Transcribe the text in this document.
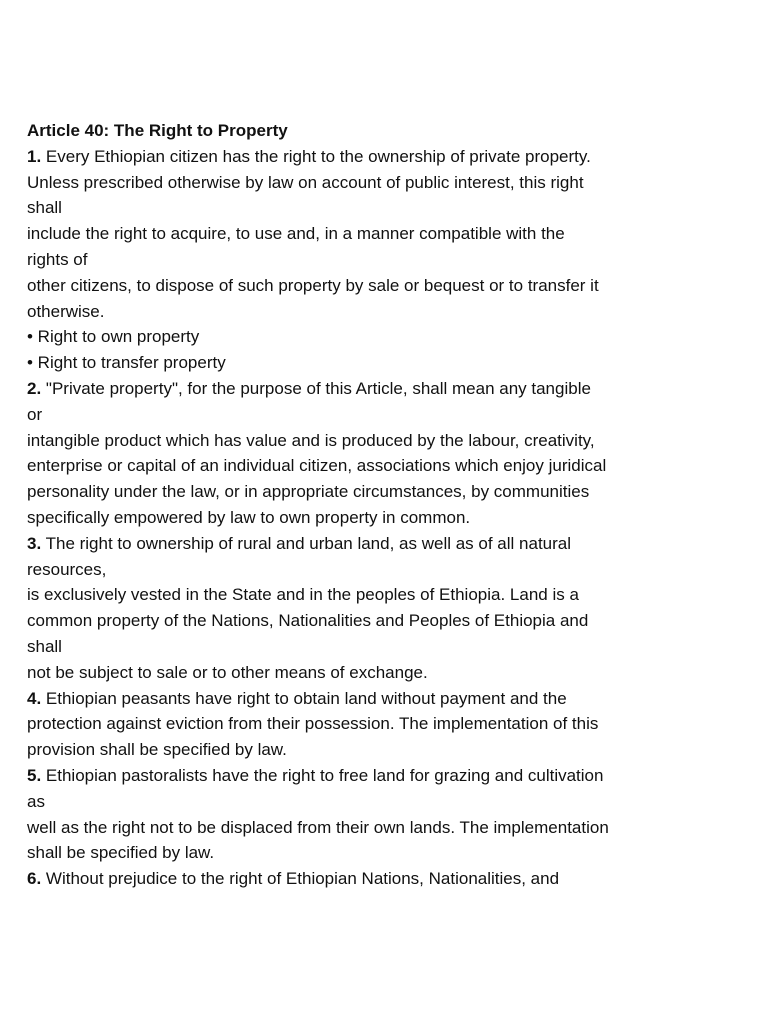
Article 40: The Right to Property
1. Every Ethiopian citizen has the right to the ownership of private property.
Unless prescribed otherwise by law on account of public interest, this right
shall
include the right to acquire, to use and, in a manner compatible with the
rights of
other citizens, to dispose of such property by sale or bequest or to transfer it
otherwise.
• Right to own property
• Right to transfer property
2. "Private property", for the purpose of this Article, shall mean any tangible
or
intangible product which has value and is produced by the labour, creativity,
enterprise or capital of an individual citizen, associations which enjoy juridical
personality under the law, or in appropriate circumstances, by communities
specifically empowered by law to own property in common.
3. The right to ownership of rural and urban land, as well as of all natural
resources,
is exclusively vested in the State and in the peoples of Ethiopia. Land is a
common property of the Nations, Nationalities and Peoples of Ethiopia and
shall
not be subject to sale or to other means of exchange.
4. Ethiopian peasants have right to obtain land without payment and the
protection against eviction from their possession. The implementation of this
provision shall be specified by law.
5. Ethiopian pastoralists have the right to free land for grazing and cultivation
as
well as the right not to be displaced from their own lands. The implementation
shall be specified by law.
6. Without prejudice to the right of Ethiopian Nations, Nationalities, and
